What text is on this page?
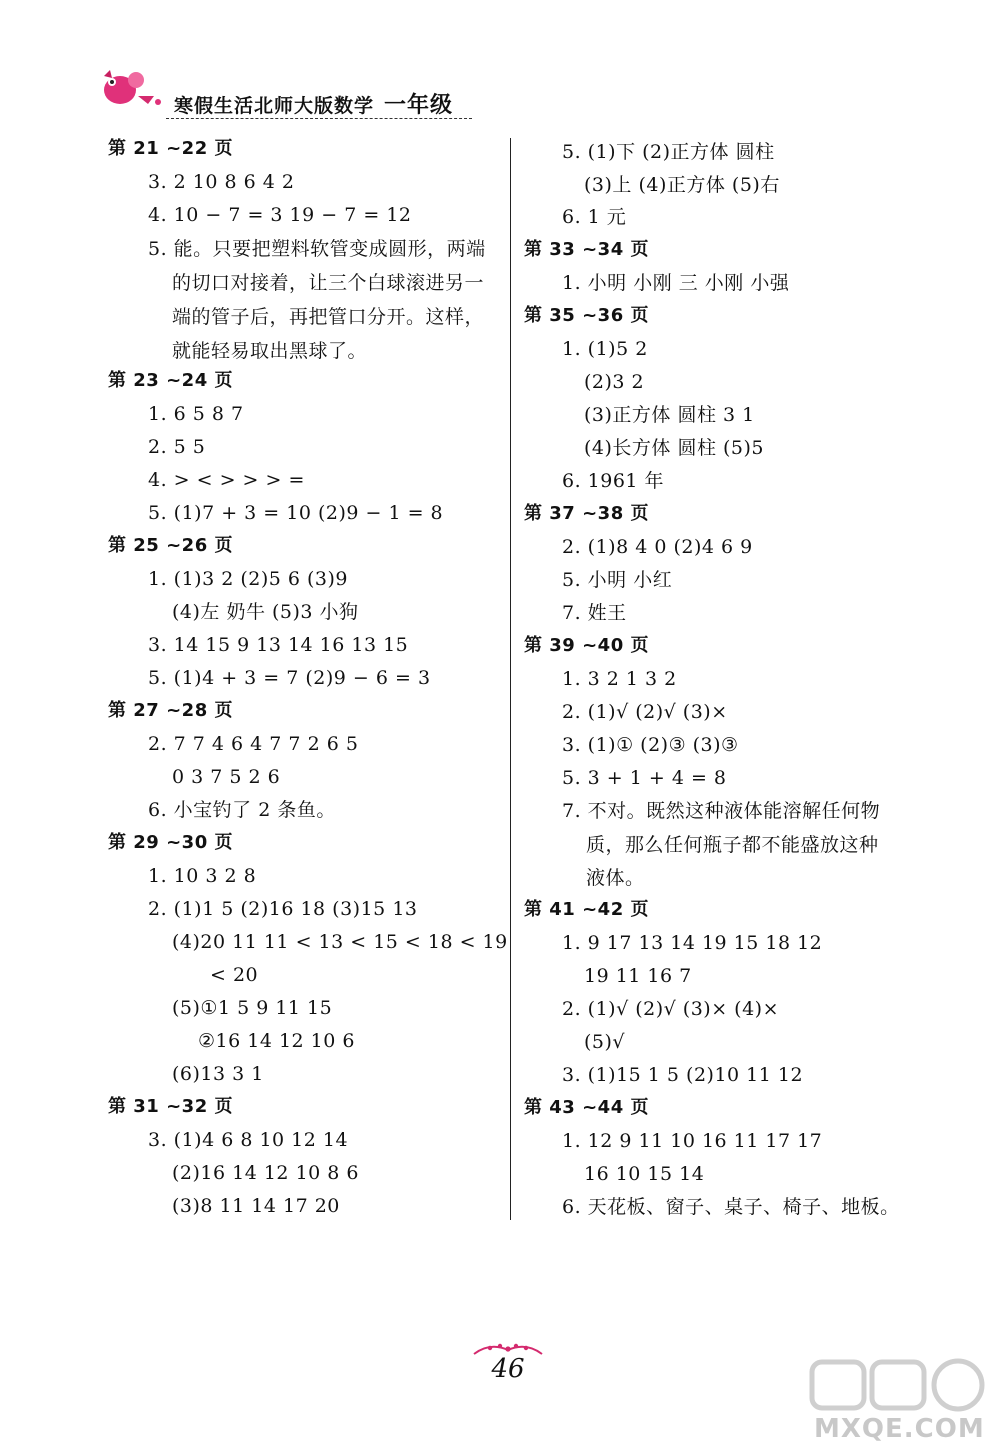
寒假生活北师大版数学 一年级
第 21 ~22 页
3. 2 10 8 6 4 2
4. 10 − 7 = 3 19 − 7 = 12
5. 能。只要把塑料软管变成圆形，两端
的切口对接着，让三个白球滚进另一
端的管子后，再把管口分开。这样，
就能轻易取出黑球了。
第 23 ~24 页
1. 6 5 8 7
2. 5 5
4. > < > > > =
5. (1)7 + 3 = 10 (2)9 − 1 = 8
第 25 ~26 页
1. (1)3 2 (2)5 6 (3)9
(4)左 奶牛 (5)3 小狗
3. 14 15 9 13 14 16 13 15
5. (1)4 + 3 = 7 (2)9 − 6 = 3
第 27 ~28 页
2. 7 7 4 6 4 7 7 2 6 5
0 3 7 5 2 6
6. 小宝钓了 2 条鱼。
第 29 ~30 页
1. 10 3 2 8
2. (1)1 5 (2)16 18 (3)15 13
(4)20 11 11 < 13 < 15 < 18 < 19
< 20
(5)①1 5 9 11 15
②16 14 12 10 6
(6)13 3 1
第 31 ~32 页
3. (1)4 6 8 10 12 14
(2)16 14 12 10 8 6
(3)8 11 14 17 20
5. (1)下 (2)正方体 圆柱
(3)上 (4)正方体 (5)右
6. 1 元
第 33 ~34 页
1. 小明 小刚 三 小刚 小强
第 35 ~36 页
1. (1)5 2
(2)3 2
(3)正方体 圆柱 3 1
(4)长方体 圆柱 (5)5
6. 1961 年
第 37 ~38 页
2. (1)8 4 0 (2)4 6 9
5. 小明 小红
7. 姓王
第 39 ~40 页
1. 3 2 1 3 2
2. (1)√ (2)√ (3)×
3. (1)① (2)③ (3)③
5. 3 + 1 + 4 = 8
7. 不对。既然这种液体能溶解任何物
质，那么任何瓶子都不能盛放这种
液体。
第 41 ~42 页
1. 9 17 13 14 19 15 18 12
19 11 16 7
2. (1)√ (2)√ (3)× (4)×
(5)√
3. (1)15 1 5 (2)10 11 12
第 43 ~44 页
1. 12 9 11 10 16 11 17 17
16 10 15 14
6. 天花板、窗子、桌子、椅子、地板。
46
MXQE.COM
